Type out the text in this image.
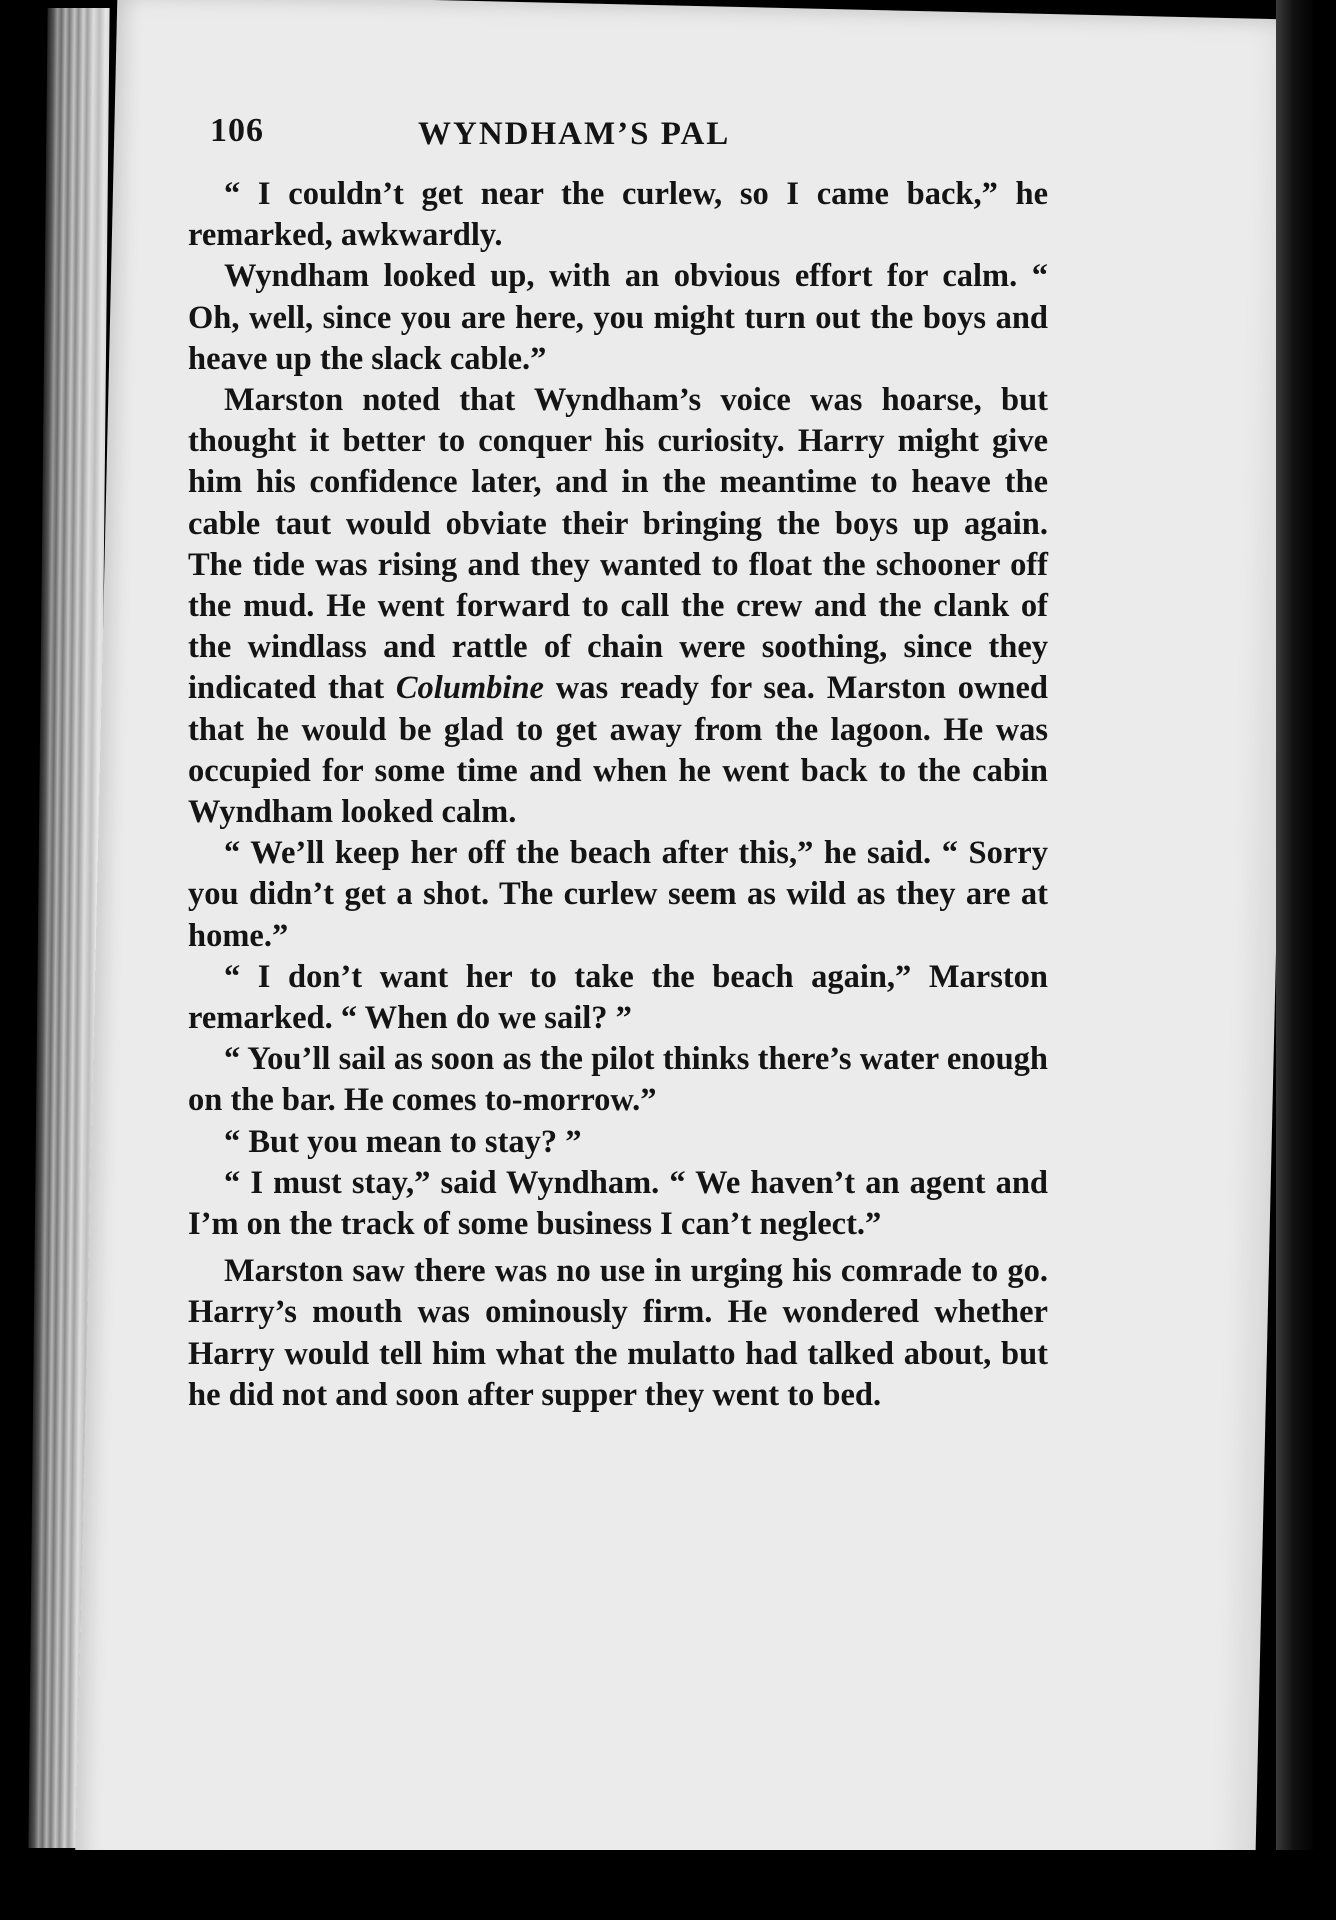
106	WYNDHAM’S PAL

“ I couldn’t get near the curlew, so I came back,” he remarked, awkwardly.

Wyndham looked up, with an obvious effort for calm. “ Oh, well, since you are here, you might turn out the boys and heave up the slack cable.”

Marston noted that Wyndham’s voice was hoarse, but thought it better to conquer his curiosity. Harry might give him his confidence later, and in the meantime to heave the cable taut would obviate their bringing the boys up again. The tide was rising and they wanted to float the schooner off the mud. He went forward to call the crew and the clank of the windlass and rattle of chain were soothing, since they indicated that Columbine was ready for sea. Marston owned that he would be glad to get away from the lagoon. He was occupied for some time and when he went back to the cabin Wyndham looked calm.

“ We’ll keep her off the beach after this,” he said. “ Sorry you didn’t get a shot. The curlew seem as wild as they are at home.”

“ I don’t want her to take the beach again,” Marston remarked. “ When do we sail? ”

“ You’ll sail as soon as the pilot thinks there’s water enough on the bar. He comes to-morrow.”

“ But you mean to stay? ”

“ I must stay,” said Wyndham. “ We haven’t an agent and I’m on the track of some business I can’t neglect.”

Marston saw there was no use in urging his comrade to go. Harry’s mouth was ominously firm. He wondered whether Harry would tell him what the mulatto had talked about, but he did not and soon after supper they went to bed.
